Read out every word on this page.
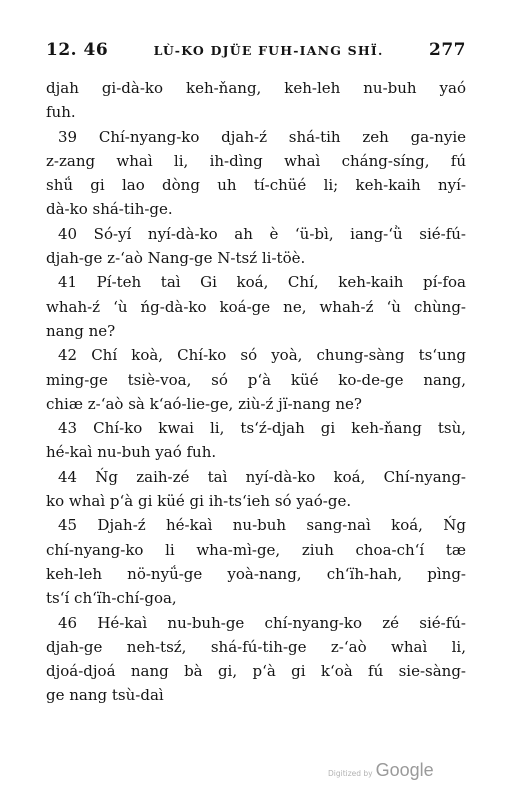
12. 46	LÙ-KO DJÜE FUH-IANG SHÏ.	277
djah gi-dà-ko keh-ňang, keh-leh nu-buh yaó
fuh.
39 Chí-nyang-ko djah-ź shá-tih zeh ga-nyie
z-zang whaì li, ih-dìng whaì cháng-síng, fú
shǘ gi lao dòng uh tí-chüé li; keh-kaih nyí-
dà-ko shá-tih-ge.
40 Só-yí nyí-dà-ko ah è ʻü-bì, iang-ʻǜ sié-fú-
djah-ge z-ʻaò Nang-ge N-tsź li-töè.
41 Pí-teh taì Gi koá, Chí, keh-kaih pí-foa
whah-ź ʻù ńg-dà-ko koá-ge ne, whah-ź ʻù chùng-
nang ne?
42 Chí koà, Chí-ko só yoà, chung-sàng tsʻung
ming-ge tsiè-voa, só pʻà küé ko-de-ge nang,
chiæ z-ʻaò sà kʻaó-lie-ge, ziù-ź jï-nang ne?
43 Chí-ko kwai li, tsʻź-djah gi keh-ňang tsù,
hé-kaì nu-buh yaó fuh.
44 Ńg zaih-zé taì nyí-dà-ko koá, Chí-nyang-
ko whaì pʻà gi küé gi ih-tsʻieh só yaó-ge.
45 Djah-ź hé-kaì nu-buh sang-naì koá, Ńg
chí-nyang-ko li wha-mì-ge, ziuh choa-chʻí tæ
keh-leh nö-nyǘ-ge yoà-nang, chʻïh-hah, pìng-
tsʻí chʻïh-chí-goa,
46 Hé-kaì nu-buh-ge chí-nyang-ko zé sié-fú-
djah-ge neh-tsź, shá-fú-tih-ge z-ʻaò whaì li,
djoá-djoá nang bà gi, pʻà gi kʻoà fú sie-sàng-
ge nang tsù-daì
Digitized by Google
